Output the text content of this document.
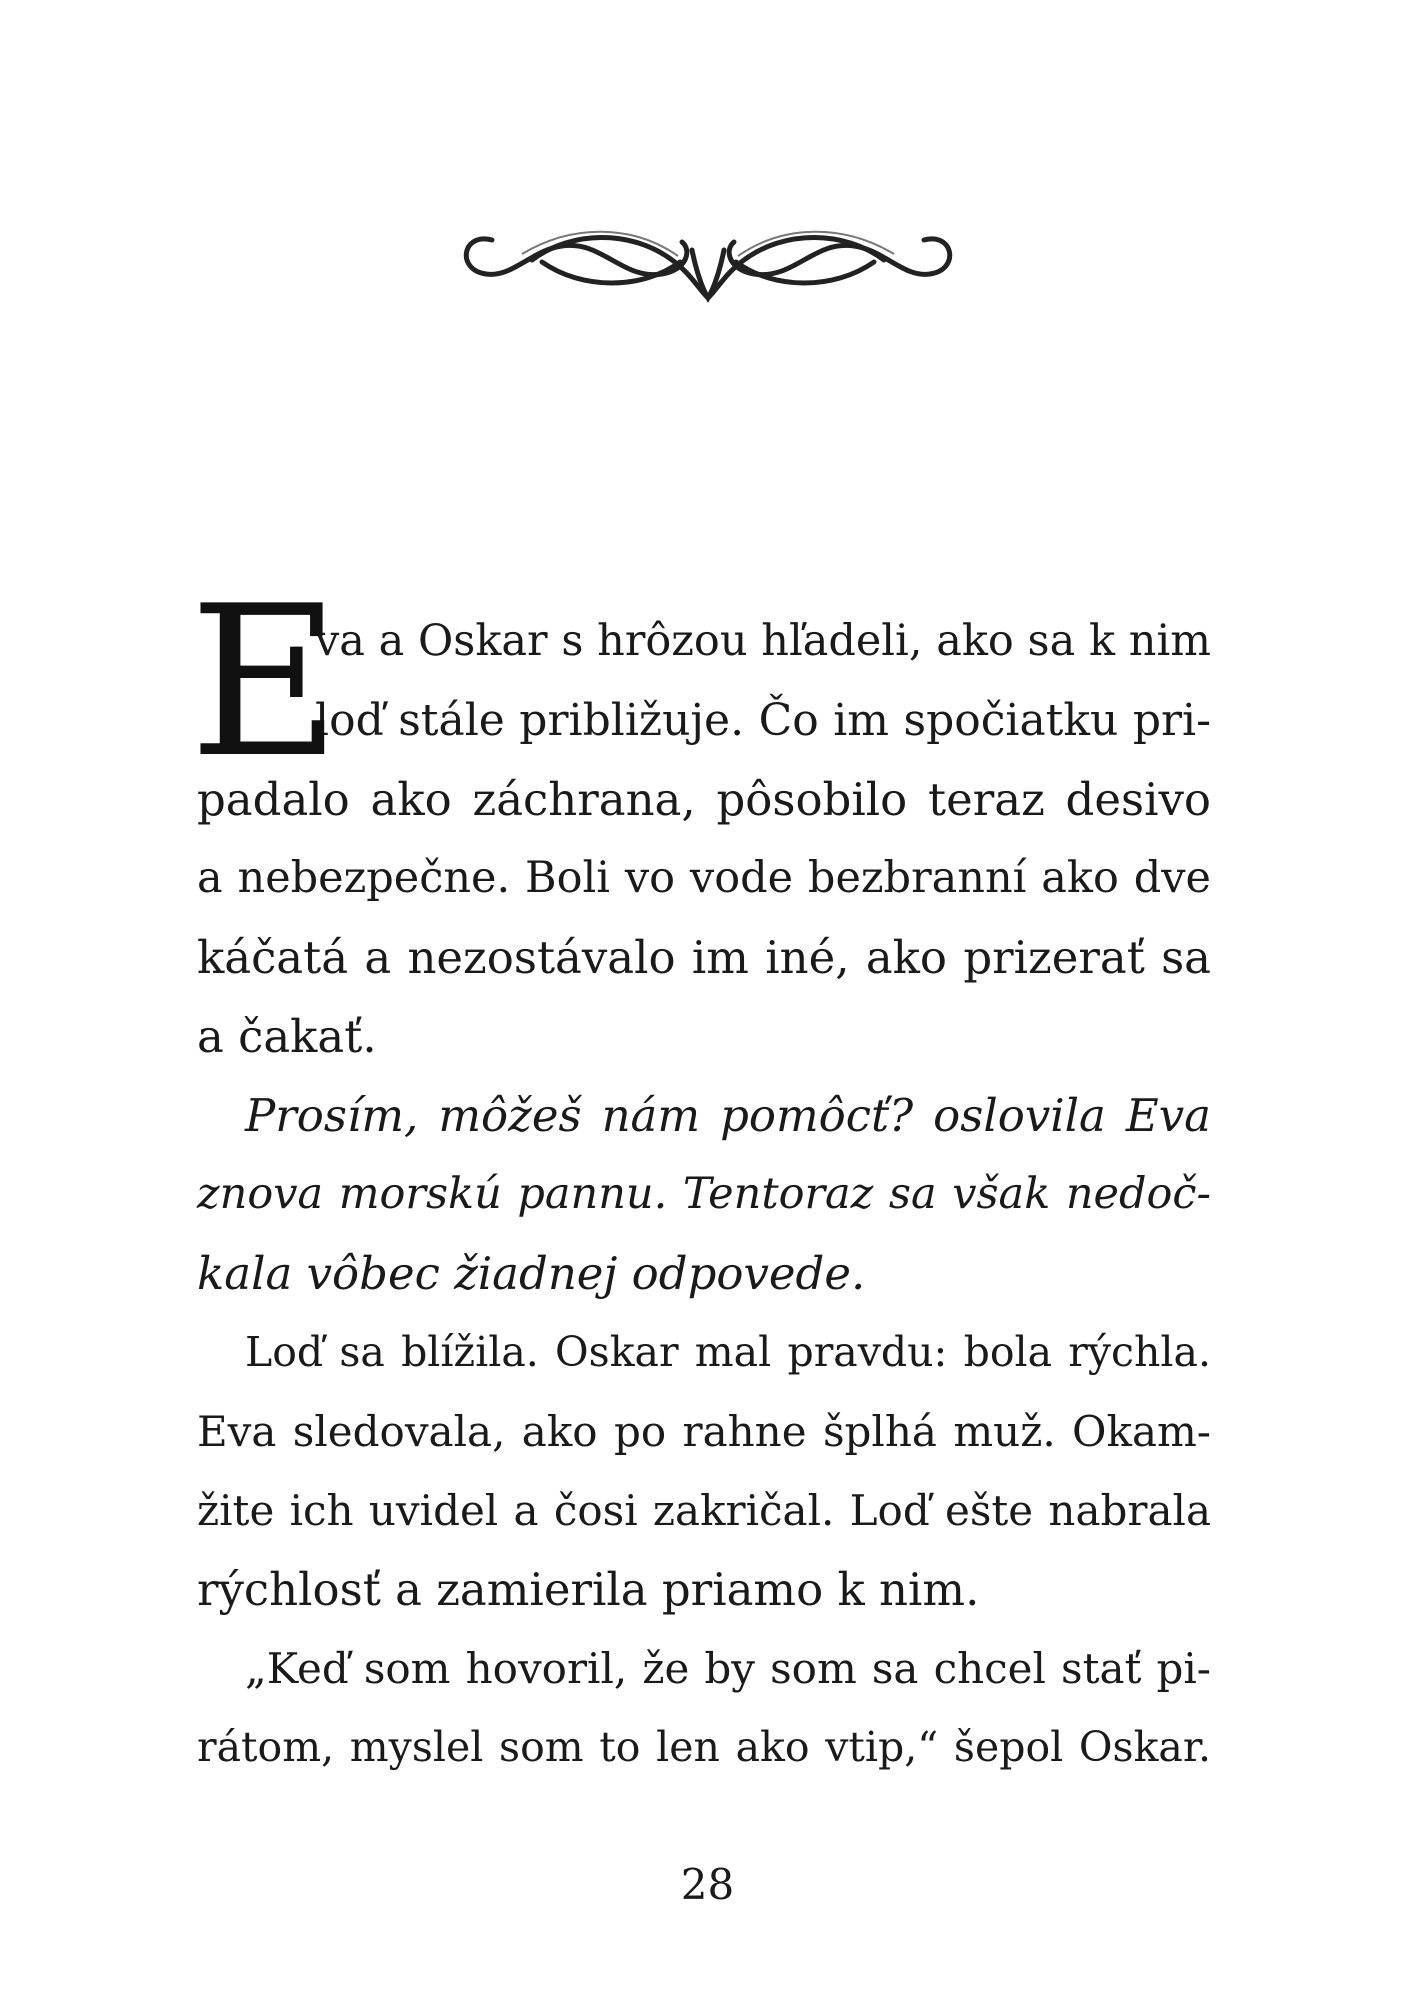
E
va a Oskar s hrôzou hľadeli, ako sa k nim
loď stále približuje. Čo im spočiatku pri-
padalo ako záchrana, pôsobilo teraz desivo
a nebezpečne. Boli vo vode bezbranní ako dve
káčatá a nezostávalo im iné, ako prizerať sa
a čakať.
Prosím, môžeš nám pomôcť? oslovila Eva
znova morskú pannu. Tentoraz sa však nedoč-
kala vôbec žiadnej odpovede.
Loď sa blížila. Oskar mal pravdu: bola rýchla.
Eva sledovala, ako po rahne šplhá muž. Okam-
žite ich uvidel a čosi zakričal. Loď ešte nabrala
rýchlosť a zamierila priamo k nim.
„Keď som hovoril, že by som sa chcel stať pi-
rátom, myslel som to len ako vtip,“ šepol Oskar.
28
